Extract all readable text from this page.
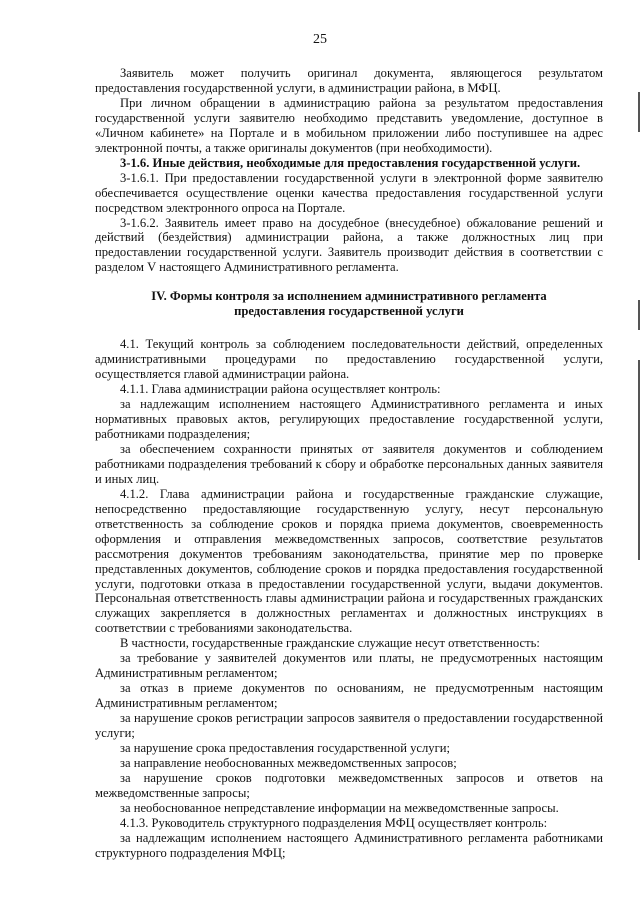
25

Заявитель может получить оригинал документа, являющегося результатом предоставления государственной услуги, в администрации района, в МФЦ.

При личном обращении в администрацию района за результатом предоставления государственной услуги заявителю необходимо представить уведомление, доступное в «Личном кабинете» на Портале и в мобильном приложении либо поступившее на адрес электронной почты, а также оригиналы документов (при необходимости).

3-1.6. Иные действия, необходимые для предоставления государственной услуги.

3-1.6.1. При предоставлении государственной услуги в электронной форме заявителю обеспечивается осуществление оценки качества предоставления государственной услуги посредством электронного опроса на Портале.

3-1.6.2. Заявитель имеет право на досудебное (внесудебное) обжалование решений и действий (бездействия) администрации района, а также должностных лиц при предоставлении государственной услуги. Заявитель производит действия в соответствии с разделом V настоящего Административного регламента.

IV. Формы контроля за исполнением административного регламента
предоставления государственной услуги

4.1. Текущий контроль за соблюдением последовательности действий, определенных административными процедурами по предоставлению государственной услуги, осуществляется главой администрации района.

4.1.1. Глава администрации района осуществляет контроль:

за надлежащим исполнением настоящего Административного регламента и иных нормативных правовых актов, регулирующих предоставление государственной услуги, работниками подразделения;

за обеспечением сохранности принятых от заявителя документов и соблюдением работниками подразделения требований к сбору и обработке персональных данных заявителя и иных лиц.

4.1.2. Глава администрации района и государственные гражданские служащие, непосредственно предоставляющие государственную услугу, несут персональную ответственность за соблюдение сроков и порядка приема документов, своевременность оформления и отправления межведомственных запросов, соответствие результатов рассмотрения документов требованиям законодательства, принятие мер по проверке представленных документов, соблюдение сроков и порядка предоставления государственной услуги, подготовки отказа в предоставлении государственной услуги, выдачи документов. Персональная ответственность главы администрации района и государственных гражданских служащих закрепляется в должностных регламентах и должностных инструкциях в соответствии с требованиями законодательства.

В частности, государственные гражданские служащие несут ответственность:

за требование у заявителей документов или платы, не предусмотренных настоящим Административным регламентом;

за отказ в приеме документов по основаниям, не предусмотренным настоящим Административным регламентом;

за нарушение сроков регистрации запросов заявителя о предоставлении государственной услуги;

за нарушение срока предоставления государственной услуги;

за направление необоснованных межведомственных запросов;

за нарушение сроков подготовки межведомственных запросов и ответов на межведомственные запросы;

за необоснованное непредставление информации на межведомственные запросы.

4.1.3. Руководитель структурного подразделения МФЦ осуществляет контроль:

за надлежащим исполнением настоящего Административного регламента работниками структурного подразделения МФЦ;
